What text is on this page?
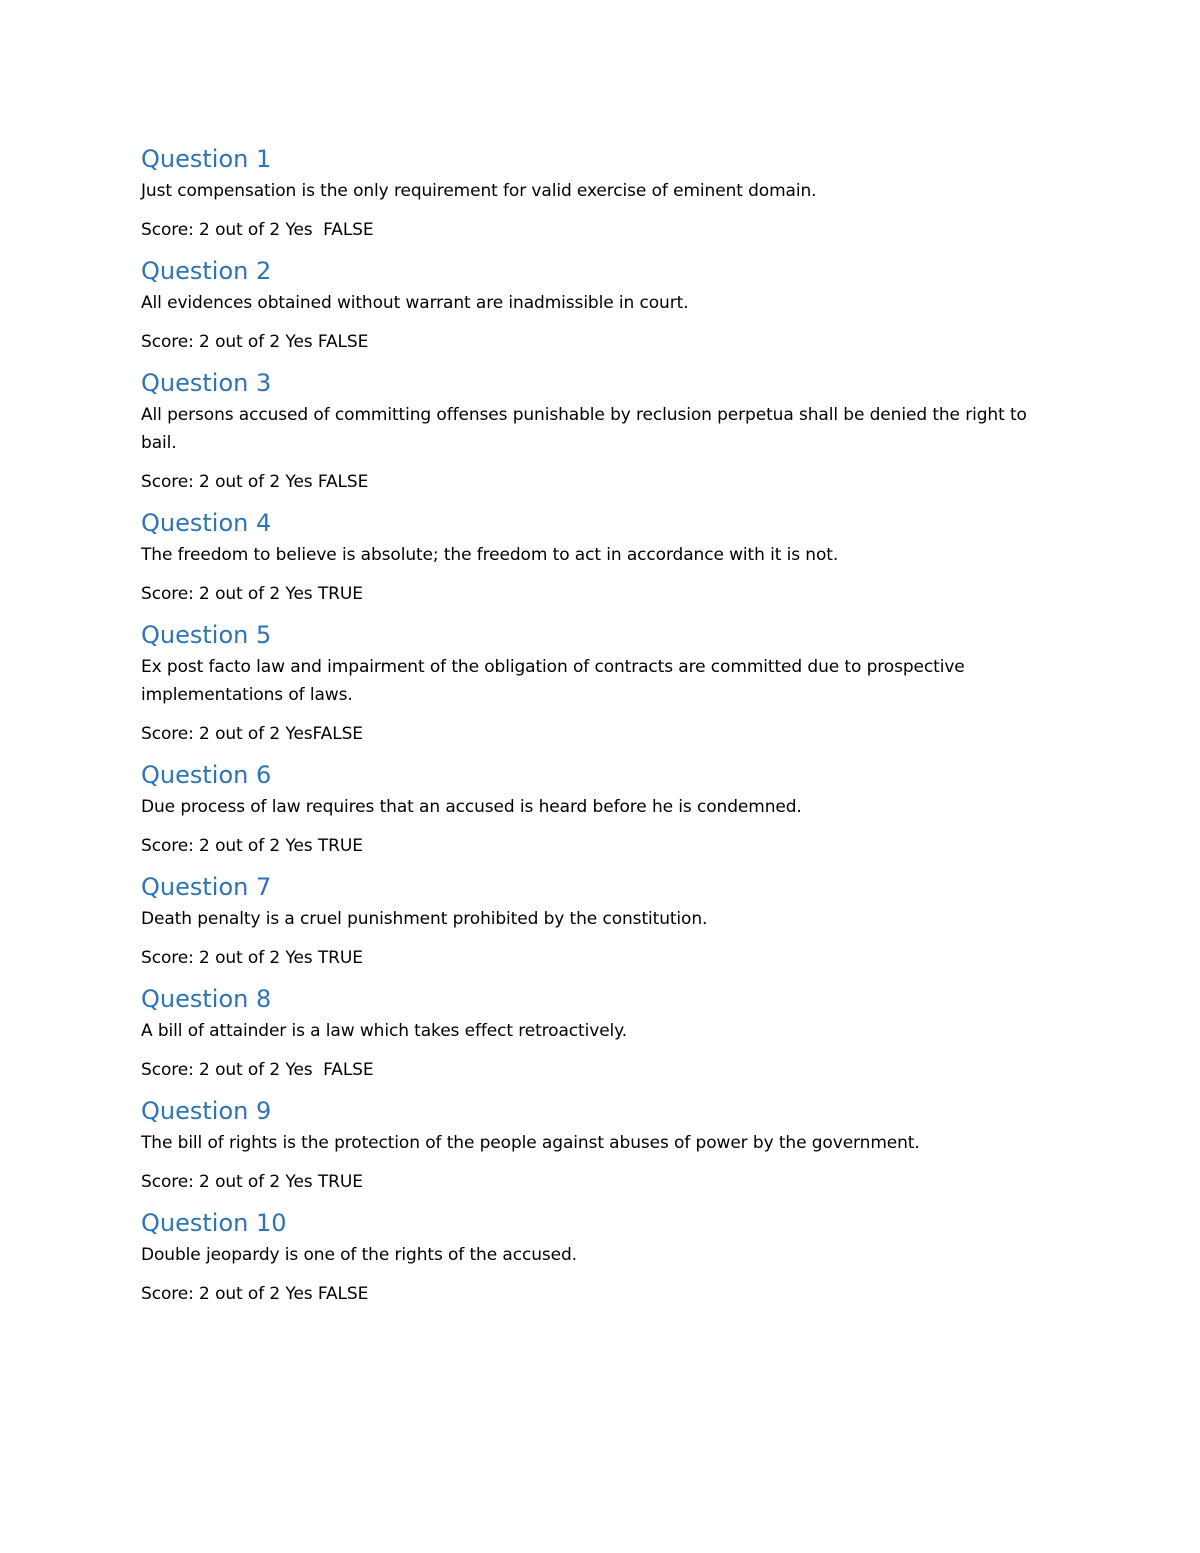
Question 1

Just compensation is the only requirement for valid exercise of eminent domain.

Score: 2 out of 2 Yes  FALSE

Question 2

All evidences obtained without warrant are inadmissible in court.

Score: 2 out of 2 Yes FALSE

Question 3

All persons accused of committing offenses punishable by reclusion perpetua shall be denied the right to bail.

Score: 2 out of 2 Yes FALSE

Question 4

The freedom to believe is absolute; the freedom to act in accordance with it is not.

Score: 2 out of 2 Yes TRUE

Question 5

Ex post facto law and impairment of the obligation of contracts are committed due to prospective implementations of laws.

Score: 2 out of 2 YesFALSE

Question 6

Due process of law requires that an accused is heard before he is condemned.

Score: 2 out of 2 Yes TRUE

Question 7

Death penalty is a cruel punishment prohibited by the constitution.

Score: 2 out of 2 Yes TRUE

Question 8

A bill of attainder is a law which takes effect retroactively.

Score: 2 out of 2 Yes  FALSE

Question 9

The bill of rights is the protection of the people against abuses of power by the government.

Score: 2 out of 2 Yes TRUE

Question 10

Double jeopardy is one of the rights of the accused.

Score: 2 out of 2 Yes FALSE
